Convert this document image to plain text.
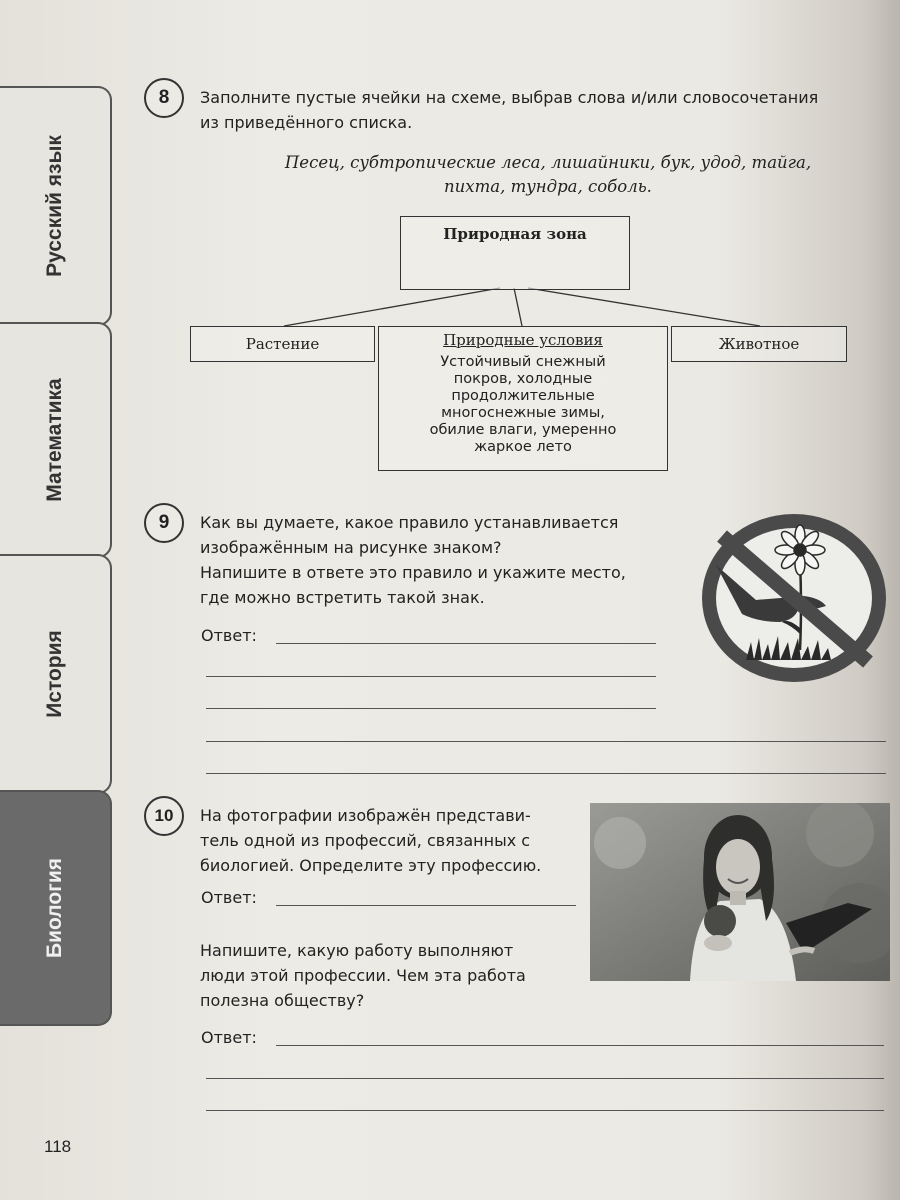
Русский язык
Математика
История
Биология
8	Заполните пустые ячейки на схеме, выбрав слова и/или словосочетания
из приведённого списка.
Песец, субтропические леса, лишайники, бук, удод, тайга,
пихта, тундра, соболь.
Природная зона
Растение	Природные условия
Устойчивый снежный
покров, холодные
продолжительные
многоснежные зимы,
обилие влаги, умеренно
жаркое лето
Животное
9	Как вы думаете, какое правило устанавливается
изображённым на рисунке знаком?
Напишите в ответе это правило и укажите место,
где можно встретить такой знак.
Ответ:
10	На фотографии изображён представи-
тель одной из профессий, связанных с
биологией. Определите эту профессию.
Ответ:
Напишите, какую работу выполняют
люди этой профессии. Чем эта работа
полезна обществу?
Ответ:
118
